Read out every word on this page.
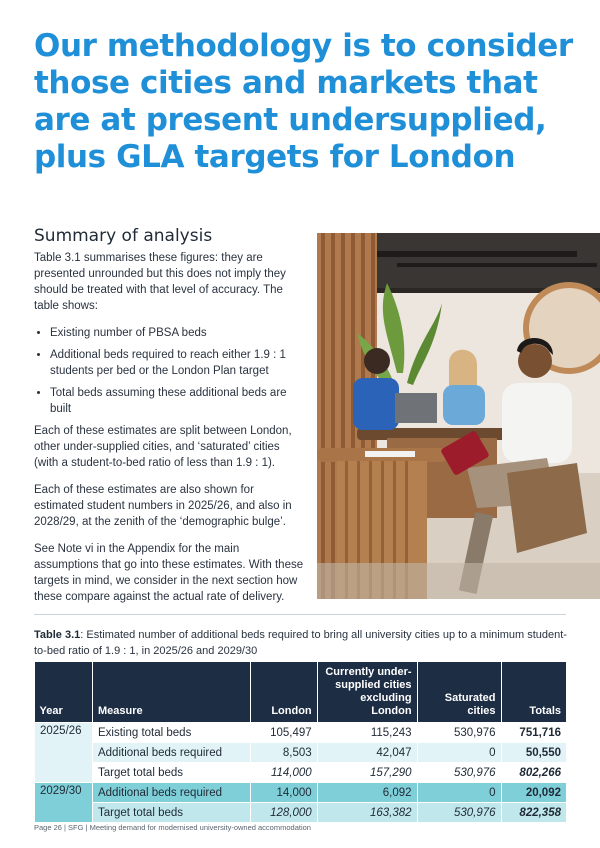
Our methodology is to consider
those cities and markets that
are at present undersupplied,
plus GLA targets for London
Summary of analysis

Table 3.1 summarises these figures: they are presented unrounded but this does not imply they should be treated with that level of accuracy. The table shows:

• Existing number of PBSA beds
• Additional beds required to reach either 1.9 : 1 students per bed or the London Plan target
• Total beds assuming these additional beds are built

Each of these estimates are split between London, other under-supplied cities, and ‘saturated’ cities (with a student-to-bed ratio of less than 1.9 : 1).

Each of these estimates are also shown for estimated student numbers in 2025/26, and also in 2028/29, at the zenith of the ‘demographic bulge’.

See Note vi in the Appendix for the main assumptions that go into these estimates. With these targets in mind, we consider in the next section how these compare against the actual rate of delivery.

Table 3.1: Estimated number of additional beds required to bring all university cities up to a minimum student-to-bed ratio of 1.9 : 1, in 2025/26 and 2029/30
Year	Measure	London	Currently under-supplied cities excluding London	Saturated cities	Totals
2025/26	Existing total beds	105,497	115,243	530,976	751,716
	Additional beds required	8,503	42,047	0	50,550
	Target total beds	114,000	157,290	530,976	802,266
2029/30	Additional beds required	14,000	6,092	0	20,092
	Target total beds	128,000	163,382	530,976	822,358
Page 26 | SFG | Meeting demand for modernised university-owned accommodation
